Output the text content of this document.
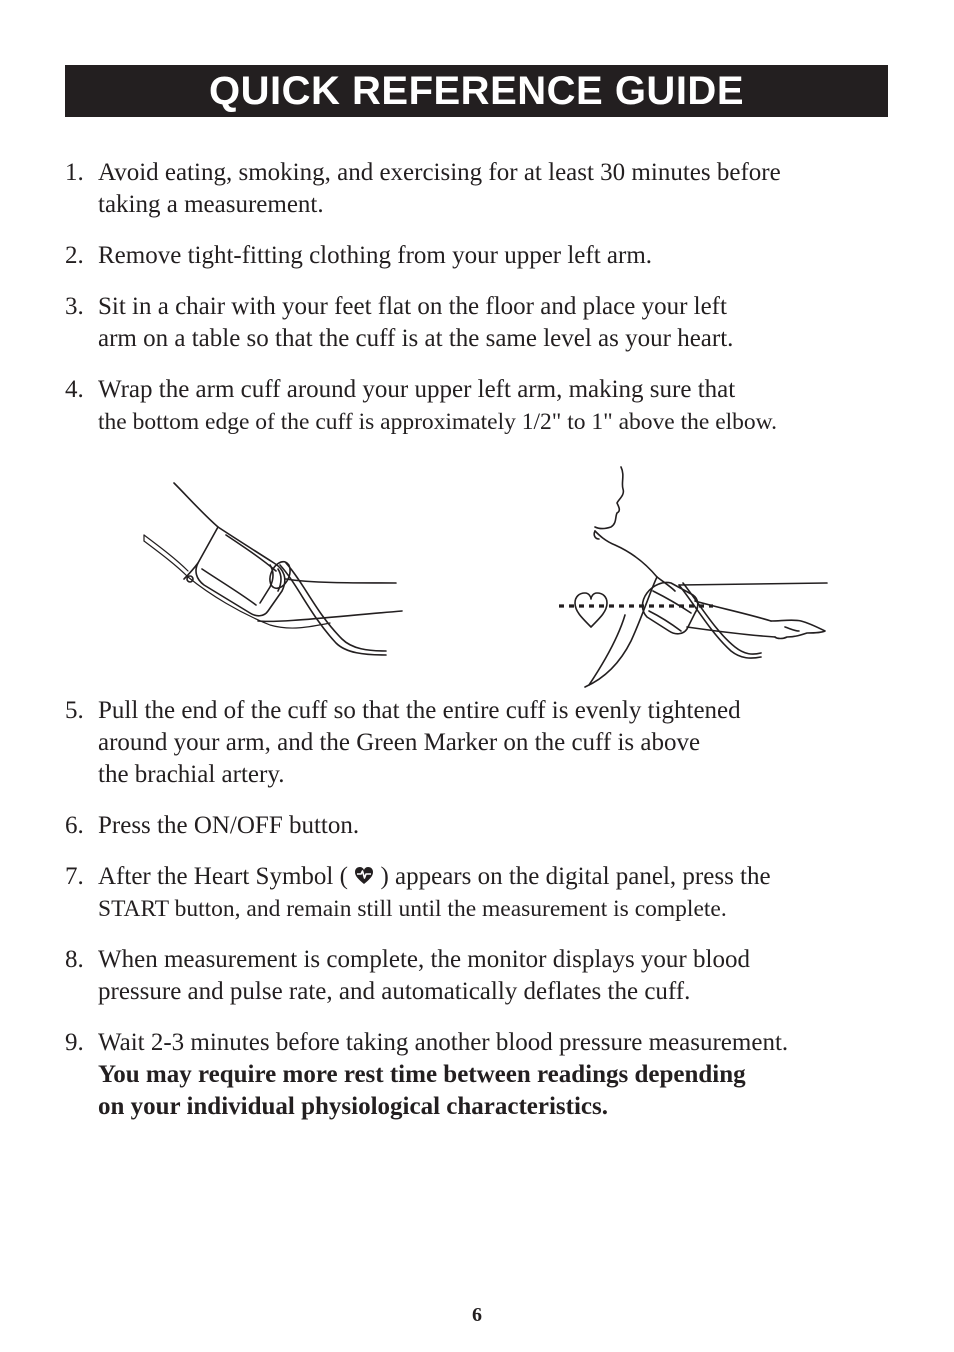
QUICK REFERENCE GUIDE
1. Avoid eating, smoking, and exercising for at least 30 minutes before
taking a measurement.
2. Remove tight-fitting clothing from your upper left arm.
3. Sit in a chair with your feet flat on the floor and place your left
arm on a table so that the cuff is at the same level as your heart.
4. Wrap the arm cuff around your upper left arm, making sure that
the bottom edge of the cuff is approximately 1/2" to 1" above the elbow.
5. Pull the end of the cuff so that the entire cuff is evenly tightened
around your arm, and the Green Marker on the cuff is above
the brachial artery.
6. Press the ON/OFF button.
7. After the Heart Symbol (  ) appears on the digital panel, press the
START button, and remain still until the measurement is complete.
8. When measurement is complete, the monitor displays your blood
pressure and pulse rate, and automatically deflates the cuff.
9. Wait 2-3 minutes before taking another blood pressure measurement.
You may require more rest time between readings depending
on your individual physiological characteristics.
6
